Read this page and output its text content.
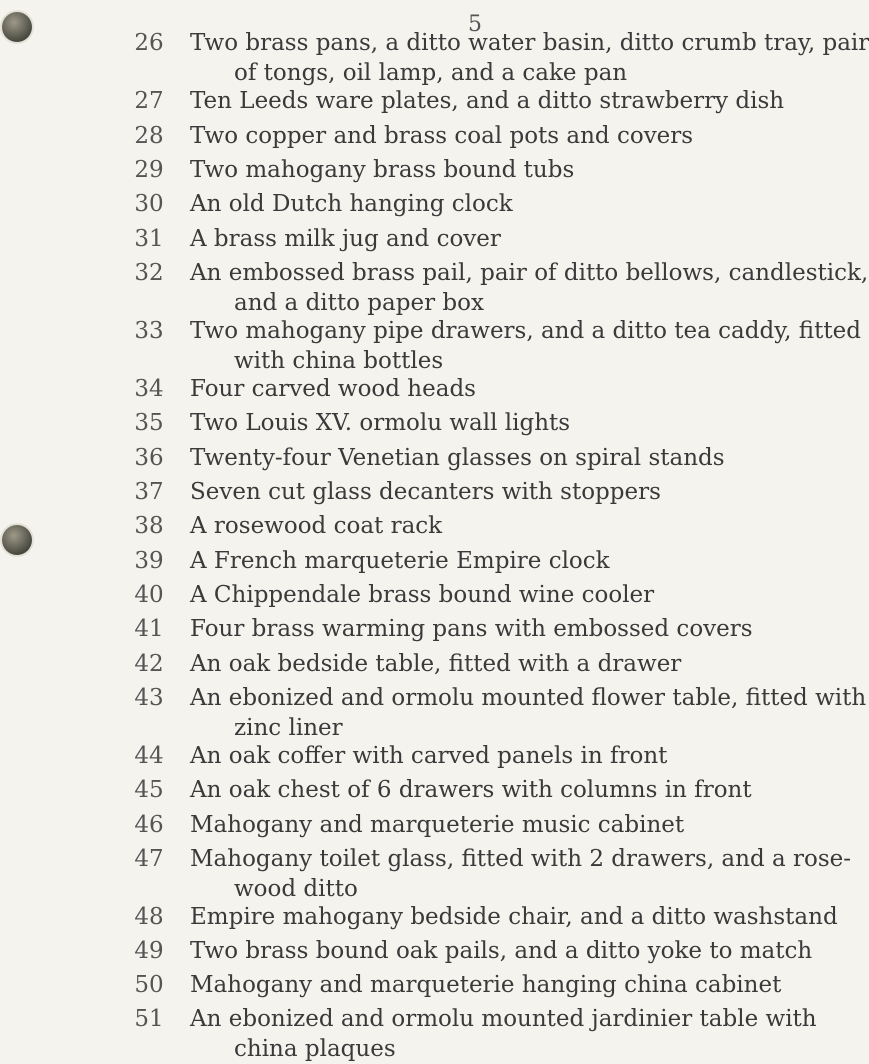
5
26	Two brass pans, a ditto water basin, ditto crumb tray, pair
of tongs, oil lamp, and a cake pan
27	Ten Leeds ware plates, and a ditto strawberry dish
28	Two copper and brass coal pots and covers
29	Two mahogany brass bound tubs
30	An old Dutch hanging clock
31	A brass milk jug and cover
32	An embossed brass pail, pair of ditto bellows, candlestick,
and a ditto paper box
33	Two mahogany pipe drawers, and a ditto tea caddy, fitted
with china bottles
34	Four carved wood heads
35	Two Louis XV. ormolu wall lights
36	Twenty-four Venetian glasses on spiral stands
37	Seven cut glass decanters with stoppers
38	A rosewood coat rack
39	A French marqueterie Empire clock
40	A Chippendale brass bound wine cooler
41	Four brass warming pans with embossed covers
42	An oak bedside table, fitted with a drawer
43	An ebonized and ormolu mounted flower table, fitted with
zinc liner
44	An oak coffer with carved panels in front
45	An oak chest of 6 drawers with columns in front
46	Mahogany and marqueterie music cabinet
47	Mahogany toilet glass, fitted with 2 drawers, and a rose-
wood ditto
48	Empire mahogany bedside chair, and a ditto washstand
49	Two brass bound oak pails, and a ditto yoke to match
50	Mahogany and marqueterie hanging china cabinet
51	An ebonized and ormolu mounted jardinier table with
china plaques
